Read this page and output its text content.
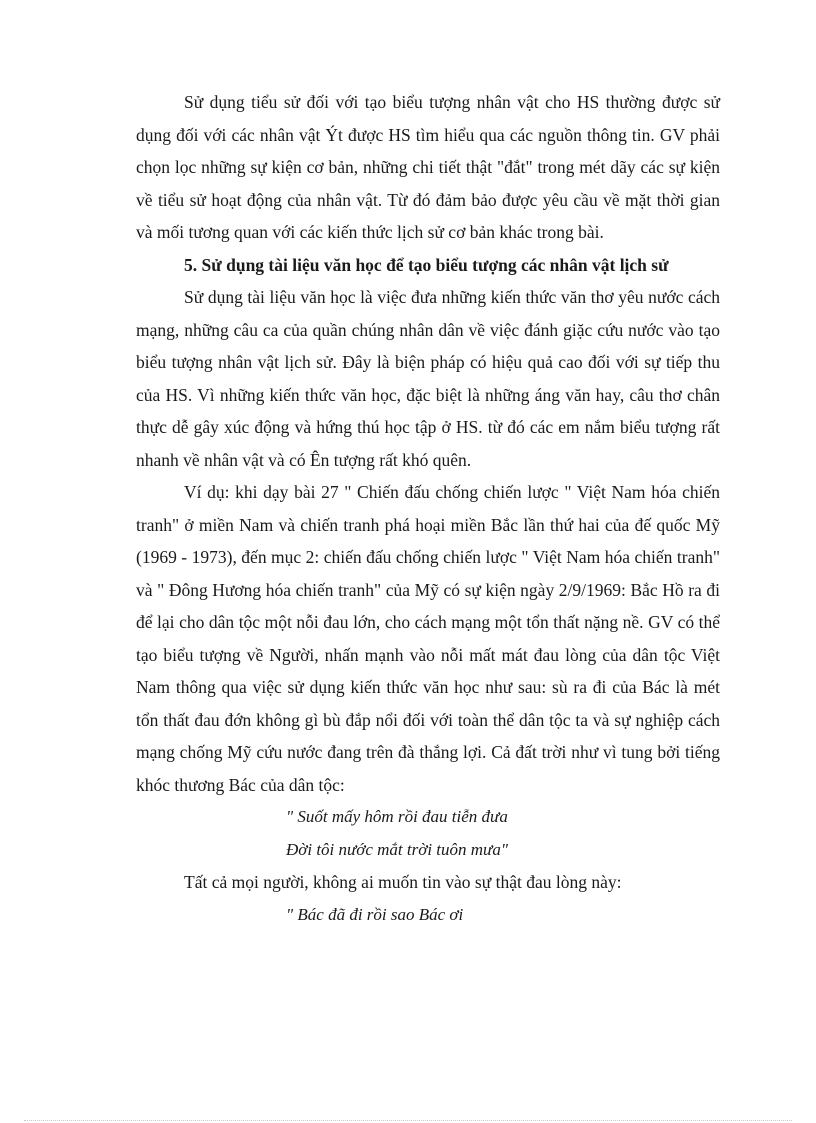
Sử dụng tiểu sử đối với tạo biểu tượng nhân vật cho HS thường được sử dụng đối với các nhân vật Ýt được HS tìm hiểu qua các nguồn thông tin. GV phải chọn lọc những sự kiện cơ bản, những chi tiết thật "đắt" trong mét dãy các sự kiện về tiểu sử hoạt động của nhân vật. Từ đó đảm bảo được yêu cầu về mặt thời gian và mối tương quan với các kiến thức lịch sử cơ bản khác trong bài.

5. Sử dụng tài liệu văn học để tạo biểu tượng các nhân vật lịch sử

Sử dụng tài liệu văn học là việc đưa những kiến thức văn thơ yêu nước cách mạng, những câu ca của quần chúng nhân dân về việc đánh giặc cứu nước vào tạo biểu tượng nhân vật lịch sử. Đây là biện pháp có hiệu quả cao đối với sự tiếp thu của HS. Vì những kiến thức văn học, đặc biệt là những áng văn hay, câu thơ chân thực dễ gây xúc động và hứng thú học tập ở HS. từ đó các em nắm biểu tượng rất nhanh về nhân vật và có Ên tượng rất khó quên.

Ví dụ: khi dạy bài 27 " Chiến đấu chống chiến lược " Việt Nam hóa chiến tranh" ở miền Nam và chiến tranh phá hoại miền Bắc lần thứ hai của đế quốc Mỹ (1969 - 1973), đến mục 2: chiến đấu chống chiến lược " Việt Nam hóa chiến tranh" và " Đông Hương hóa chiến tranh" của Mỹ có sự kiện ngày 2/9/1969: Bắc Hồ ra đi để lại cho dân tộc một nỗi đau lớn, cho cách mạng một tổn thất nặng nề. GV có thể tạo biểu tượng về Người, nhấn mạnh vào nỗi mất mát đau lòng của dân tộc Việt Nam thông qua việc sử dụng kiến thức văn học như sau: sù ra đi của Bác là mét tổn thất đau đớn không gì bù đắp nổi đối với toàn thể dân tộc ta và sự nghiệp cách mạng chống Mỹ cứu nước đang trên đà thắng lợi. Cả đất trời như vì tung bởi tiếng khóc thương Bác của dân tộc:

" Suốt mấy hôm rồi đau tiễn đưa

Đời tôi nước mắt trời tuôn mưa"

Tất cả mọi người, không ai muốn tin vào sự thật đau lòng này:

" Bác đã đi rồi sao Bác ơi
